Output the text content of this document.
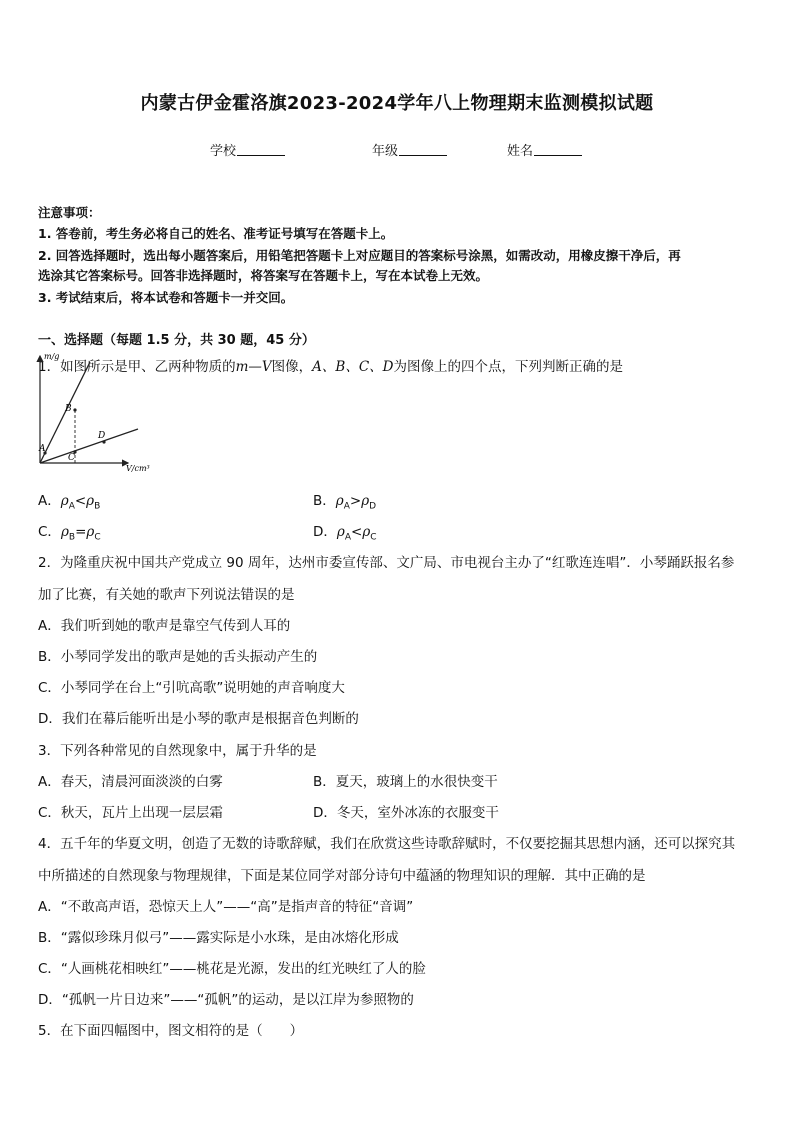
内蒙古伊金霍洛旗2023-2024学年八上物理期末监测模拟试题
学校	年级	姓名
注意事项：
1. 答卷前，考生务必将自己的姓名、准考证号填写在答题卡上。
2. 回答选择题时，选出每小题答案后，用铅笔把答题卡上对应题目的答案标号涂黑，如需改动，用橡皮擦干净后，再
选涂其它答案标号。回答非选择题时，将答案写在答题卡上，写在本试卷上无效。
3. 考试结束后，将本试卷和答题卡一并交回。
一、选择题（每题 1.5 分，共 30 题，45 分）
1．如图所示是甲、乙两种物质的m—V图像，A、B、C、D为图像上的四个点，下列判断正确的是
m/g
V/cm³
A
B
C
D
A．$\rho_A<\rho_B$	B．$\rho_A>\rho_D$
C．$\rho_B=\rho_C$	D．$\rho_A<\rho_C$
2．为隆重庆祝中国共产党成立 90 周年，达州市委宣传部、文广局、市电视台主办了“红歌连连唱”．小琴踊跃报名参
加了比赛，有关她的歌声下列说法错误的是
A．我们听到她的歌声是靠空气传到人耳的
B．小琴同学发出的歌声是她的舌头振动产生的
C．小琴同学在台上“引吭高歌”说明她的声音响度大
D．我们在幕后能听出是小琴的歌声是根据音色判断的
3．下列各种常见的自然现象中，属于升华的是
A．春天，清晨河面淡淡的白雾	B．夏天，玻璃上的水很快变干
C．秋天，瓦片上出现一层层霜	D．冬天，室外冰冻的衣服变干
4．五千年的华夏文明，创造了无数的诗歌辞赋，我们在欣赏这些诗歌辞赋时，不仅要挖掘其思想内涵，还可以探究其
中所描述的自然现象与物理规律，下面是某位同学对部分诗句中蕴涵的物理知识的理解．其中正确的是
A．“不敢高声语，恐惊天上人”——“高”是指声音的特征“音调”
B．“露似珍珠月似弓”——露实际是小水珠，是由冰熔化形成
C．“人画桃花相映红”——桃花是光源，发出的红光映红了人的脸
D．“孤帆一片日边来”——“孤帆”的运动，是以江岸为参照物的
5．在下面四幅图中，图文相符的是（　　）
